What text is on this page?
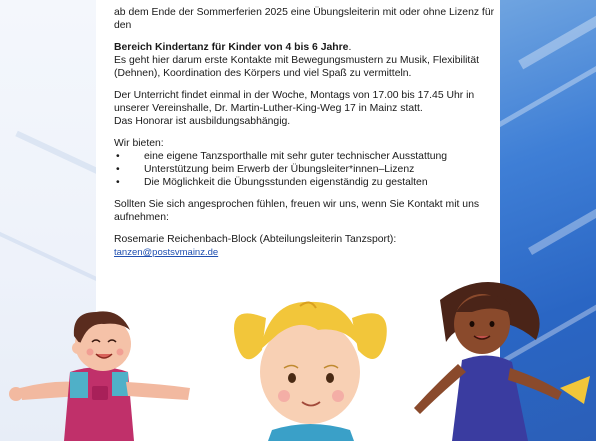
ab dem Ende der Sommerferien 2025 eine Übungsleiterin mit oder ohne Lizenz für den

Bereich Kindertanz für Kinder von 4 bis 6 Jahre.
Es geht hier darum erste Kontakte mit Bewegungsmustern zu Musik, Flexibilität (Dehnen), Koordination des Körpers und viel Spaß zu vermitteln.

Der Unterricht findet einmal in der Woche, Montags von 17.00 bis 17.45 Uhr in unserer Vereinshalle, Dr. Martin-Luther-King-Weg 17 in Mainz statt.
Das Honorar ist ausbildungsabhängig.

Wir bieten:
• eine eigene Tanzsporthalle mit sehr guter technischer Ausstattung
• Unterstützung beim Erwerb der Übungsleiter*innen–Lizenz
• Die Möglichkeit die Übungsstunden eigenständig zu gestalten

Sollten Sie sich angesprochen fühlen, freuen wir uns, wenn Sie Kontakt mit uns aufnehmen:

Rosemarie Reichenbach-Block (Abteilungsleiterin Tanzsport):
tanzen@postsvmainz.de
